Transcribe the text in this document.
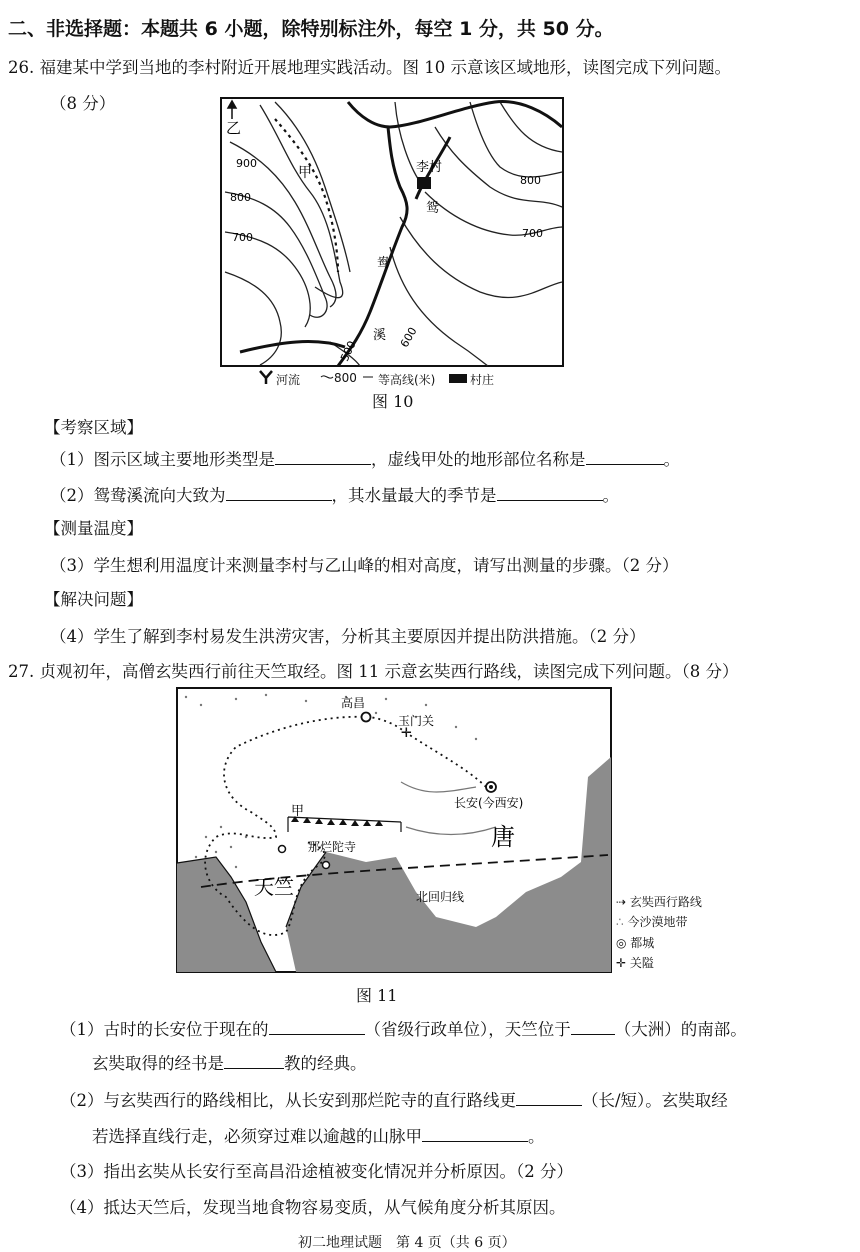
二、非选择题：本题共 6 小题，除特别标注外，每空 1 分，共 50 分。
26. 福建某中学到当地的李村附近开展地理实践活动。图 10 示意该区域地形，读图完成下列问题。
（8 分）
乙
甲	李村
鸳
鸯
溪
900
800
700
800
700
600
500
河流	800 等高线(米)	村庄
图 10
【考察区域】
（1）图示区域主要地形类型是	，虚线甲处的地形部位名称是	。
（2）鸳鸯溪流向大致为	，其水量最大的季节是	。
【测量温度】
（3）学生想利用温度计来测量李村与乙山峰的相对高度，请写出测量的步骤。（2 分）
【解决问题】
（4）学生了解到李村易发生洪涝灾害，分析其主要原因并提出防洪措施。（2 分）
27. 贞观初年，高僧玄奘西行前往天竺取经。图 11 示意玄奘西行路线，读图完成下列问题。（8 分）
✛
高昌
玉门关
长安(今西安)
唐
甲
那烂陀寺
天竺	北回归线	⇢ 玄奘西行路线
∴ 今沙漠地带
◎ 都城
✛ 关隘
图 11
（1）古时的长安位于现在的	（省级行政单位），天竺位于	（大洲）的南部。
玄奘取得的经书是	教的经典。
（2）与玄奘西行的路线相比，从长安到那烂陀寺的直行路线更	（长/短）。玄奘取经
若选择直线行走，必须穿过难以逾越的山脉甲	。
（3）指出玄奘从长安行至高昌沿途植被变化情况并分析原因。（2 分）
（4）抵达天竺后，发现当地食物容易变质，从气候角度分析其原因。
初二地理试题　第 4 页（共 6 页）
